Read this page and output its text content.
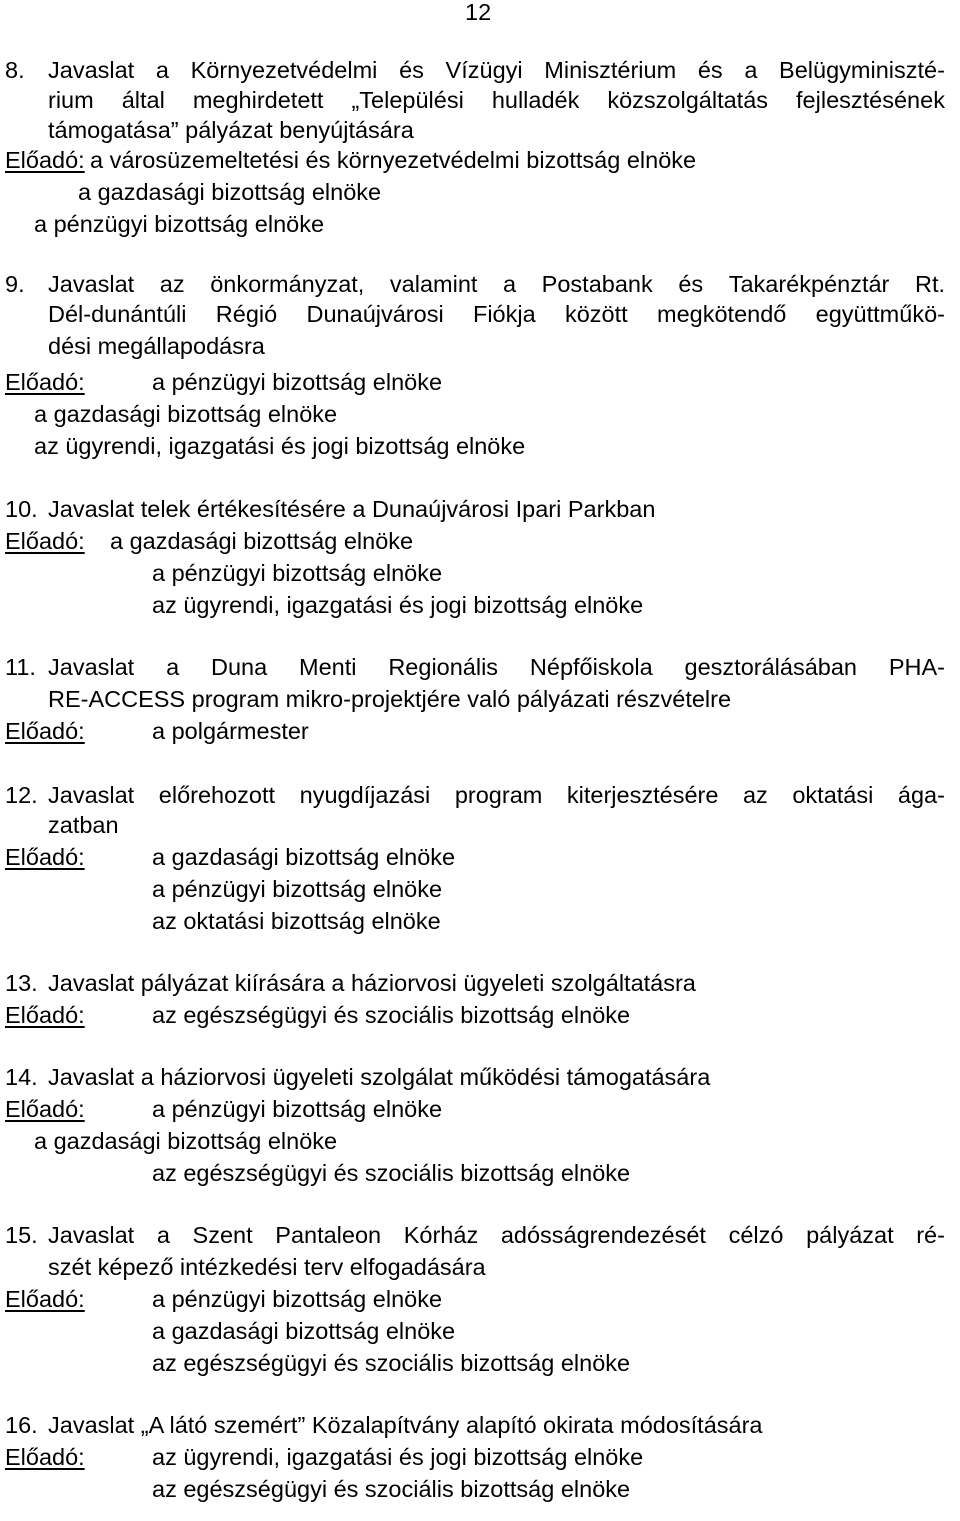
12
8. Javaslat a Környezetvédelmi és Vízügyi Minisztérium és a Belügyminiszté-
rium által meghirdetett „Települési hulladék közszolgáltatás fejlesztésének
támogatása” pályázat benyújtására
Előadó: a városüzemeltetési és környezetvédelmi bizottság elnöke
a gazdasági bizottság elnöke
a pénzügyi bizottság elnöke
9. Javaslat az önkormányzat, valamint a Postabank és Takarékpénztár Rt.
Dél-dunántúli Régió Dunaújvárosi Fiókja között megkötendő együttműkö-
dési megállapodásra
Előadó:	a pénzügyi bizottság elnöke
a gazdasági bizottság elnöke
az ügyrendi, igazgatási és jogi bizottság elnöke
10. Javaslat telek értékesítésére a Dunaújvárosi Ipari Parkban
Előadó: a gazdasági bizottság elnöke
a pénzügyi bizottság elnöke
az ügyrendi, igazgatási és jogi bizottság elnöke
11. Javaslat a Duna Menti Regionális Népfőiskola gesztorálásában PHA-
RE-ACCESS program mikro-projektjére való pályázati részvételre
Előadó:	a polgármester
12. Javaslat előrehozott nyugdíjazási program kiterjesztésére az oktatási ága-
zatban
Előadó:	a gazdasági bizottság elnöke
a pénzügyi bizottság elnöke
az oktatási bizottság elnöke
13. Javaslat pályázat kiírására a háziorvosi ügyeleti szolgáltatásra
Előadó:	az egészségügyi és szociális bizottság elnöke
14. Javaslat a háziorvosi ügyeleti szolgálat működési támogatására
Előadó:	a pénzügyi bizottság elnöke
a gazdasági bizottság elnöke
az egészségügyi és szociális bizottság elnöke
15. Javaslat a Szent Pantaleon Kórház adósságrendezését célzó pályázat ré-
szét képező intézkedési terv elfogadására
Előadó:	a pénzügyi bizottság elnöke
a gazdasági bizottság elnöke
az egészségügyi és szociális bizottság elnöke
16. Javaslat „A látó szemért” Közalapítvány alapító okirata módosítására
Előadó:	az ügyrendi, igazgatási és jogi bizottság elnöke
az egészségügyi és szociális bizottság elnöke
